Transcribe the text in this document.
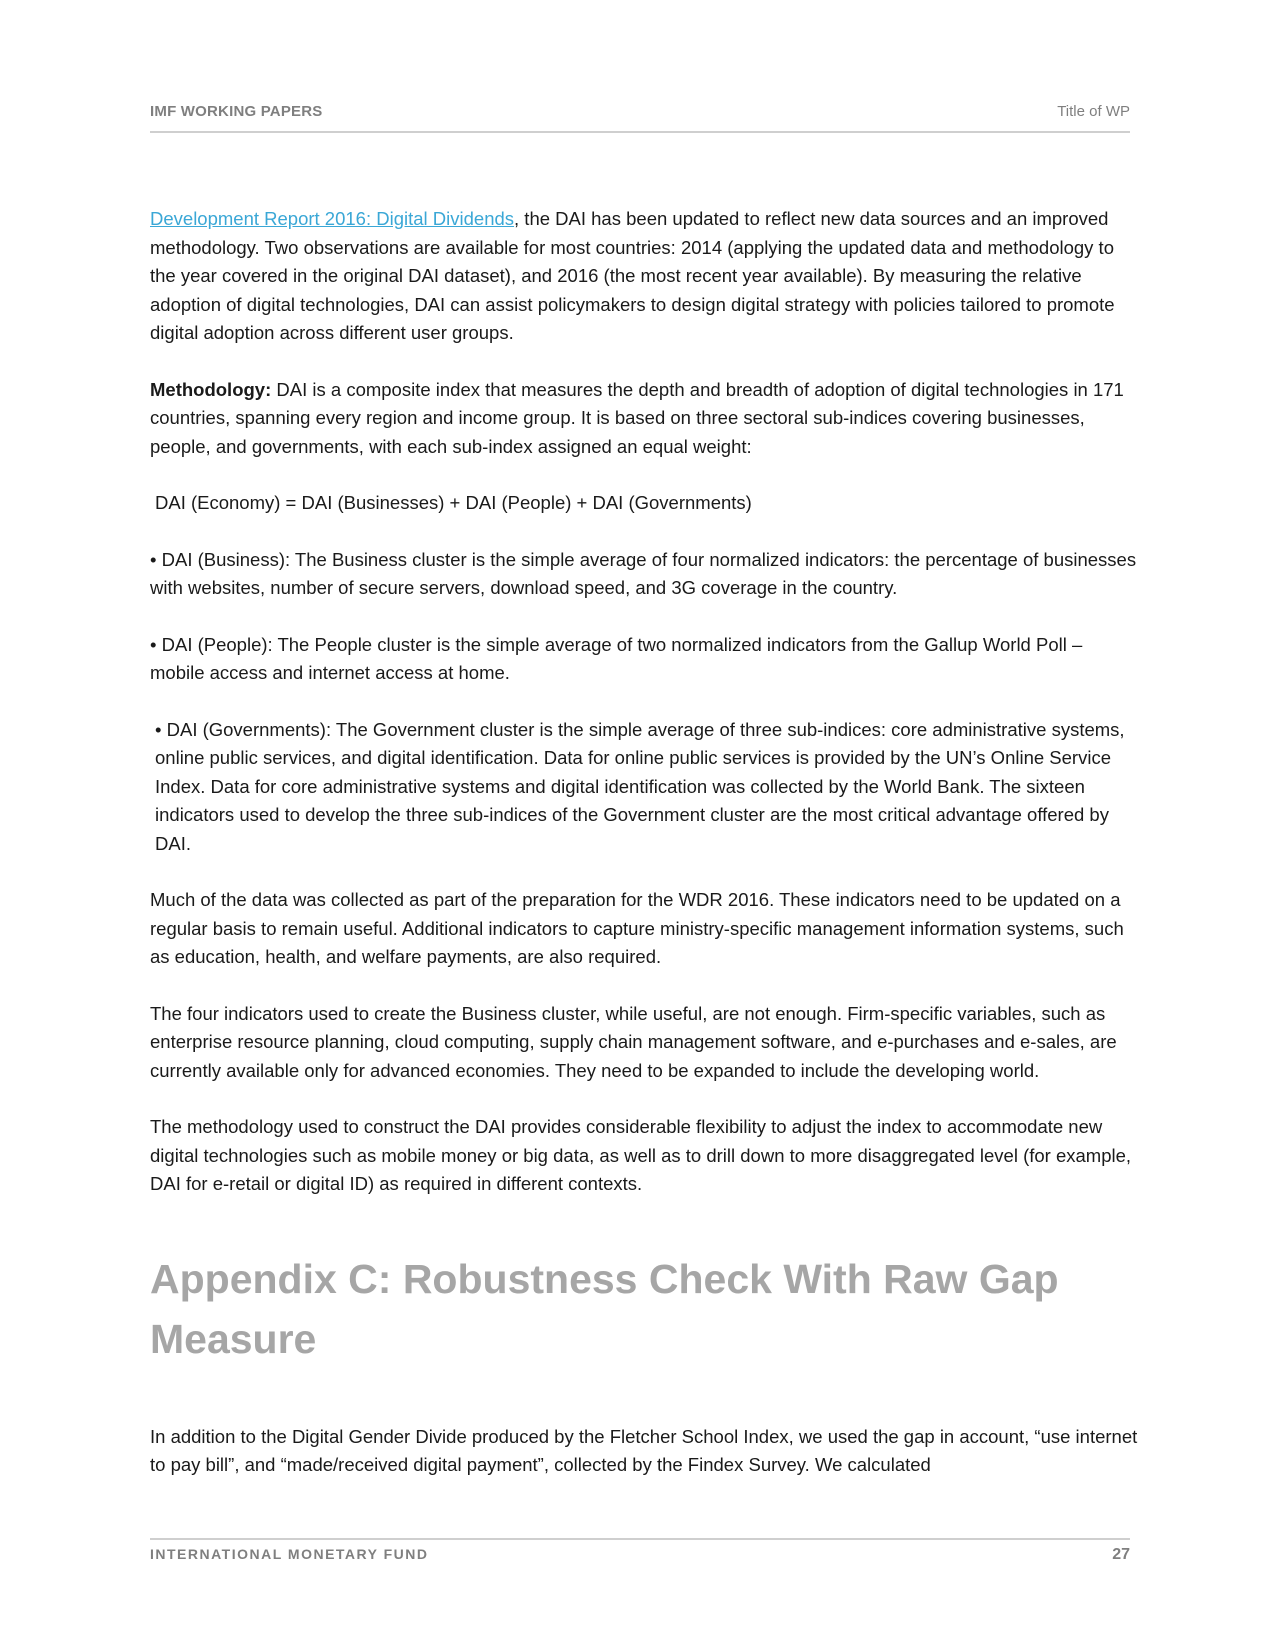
IMF WORKING PAPERS	Title of WP

Development Report 2016: Digital Dividends, the DAI has been updated to reflect new data sources and an improved methodology. Two observations are available for most countries: 2014 (applying the updated data and methodology to the year covered in the original DAI dataset), and 2016 (the most recent year available). By measuring the relative adoption of digital technologies, DAI can assist policymakers to design digital strategy with policies tailored to promote digital adoption across different user groups.

Methodology: DAI is a composite index that measures the depth and breadth of adoption of digital technologies in 171 countries, spanning every region and income group. It is based on three sectoral sub-indices covering businesses, people, and governments, with each sub-index assigned an equal weight:

DAI (Economy) = DAI (Businesses) + DAI (People) + DAI (Governments)

• DAI (Business): The Business cluster is the simple average of four normalized indicators: the percentage of businesses with websites, number of secure servers, download speed, and 3G coverage in the country.

• DAI (People): The People cluster is the simple average of two normalized indicators from the Gallup World Poll – mobile access and internet access at home.

• DAI (Governments): The Government cluster is the simple average of three sub-indices: core administrative systems, online public services, and digital identification. Data for online public services is provided by the UN’s Online Service Index. Data for core administrative systems and digital identification was collected by the World Bank. The sixteen indicators used to develop the three sub-indices of the Government cluster are the most critical advantage offered by DAI.

Much of the data was collected as part of the preparation for the WDR 2016. These indicators need to be updated on a regular basis to remain useful. Additional indicators to capture ministry-specific management information systems, such as education, health, and welfare payments, are also required.

The four indicators used to create the Business cluster, while useful, are not enough. Firm-specific variables, such as enterprise resource planning, cloud computing, supply chain management software, and e-purchases and e-sales, are currently available only for advanced economies. They need to be expanded to include the developing world.

The methodology used to construct the DAI provides considerable flexibility to adjust the index to accommodate new digital technologies such as mobile money or big data, as well as to drill down to more disaggregated level (for example, DAI for e-retail or digital ID) as required in different contexts.

Appendix C: Robustness Check With Raw Gap Measure

In addition to the Digital Gender Divide produced by the Fletcher School Index, we used the gap in account, “use internet to pay bill”, and “made/received digital payment”, collected by the Findex Survey. We calculated

INTERNATIONAL MONETARY FUND	27
